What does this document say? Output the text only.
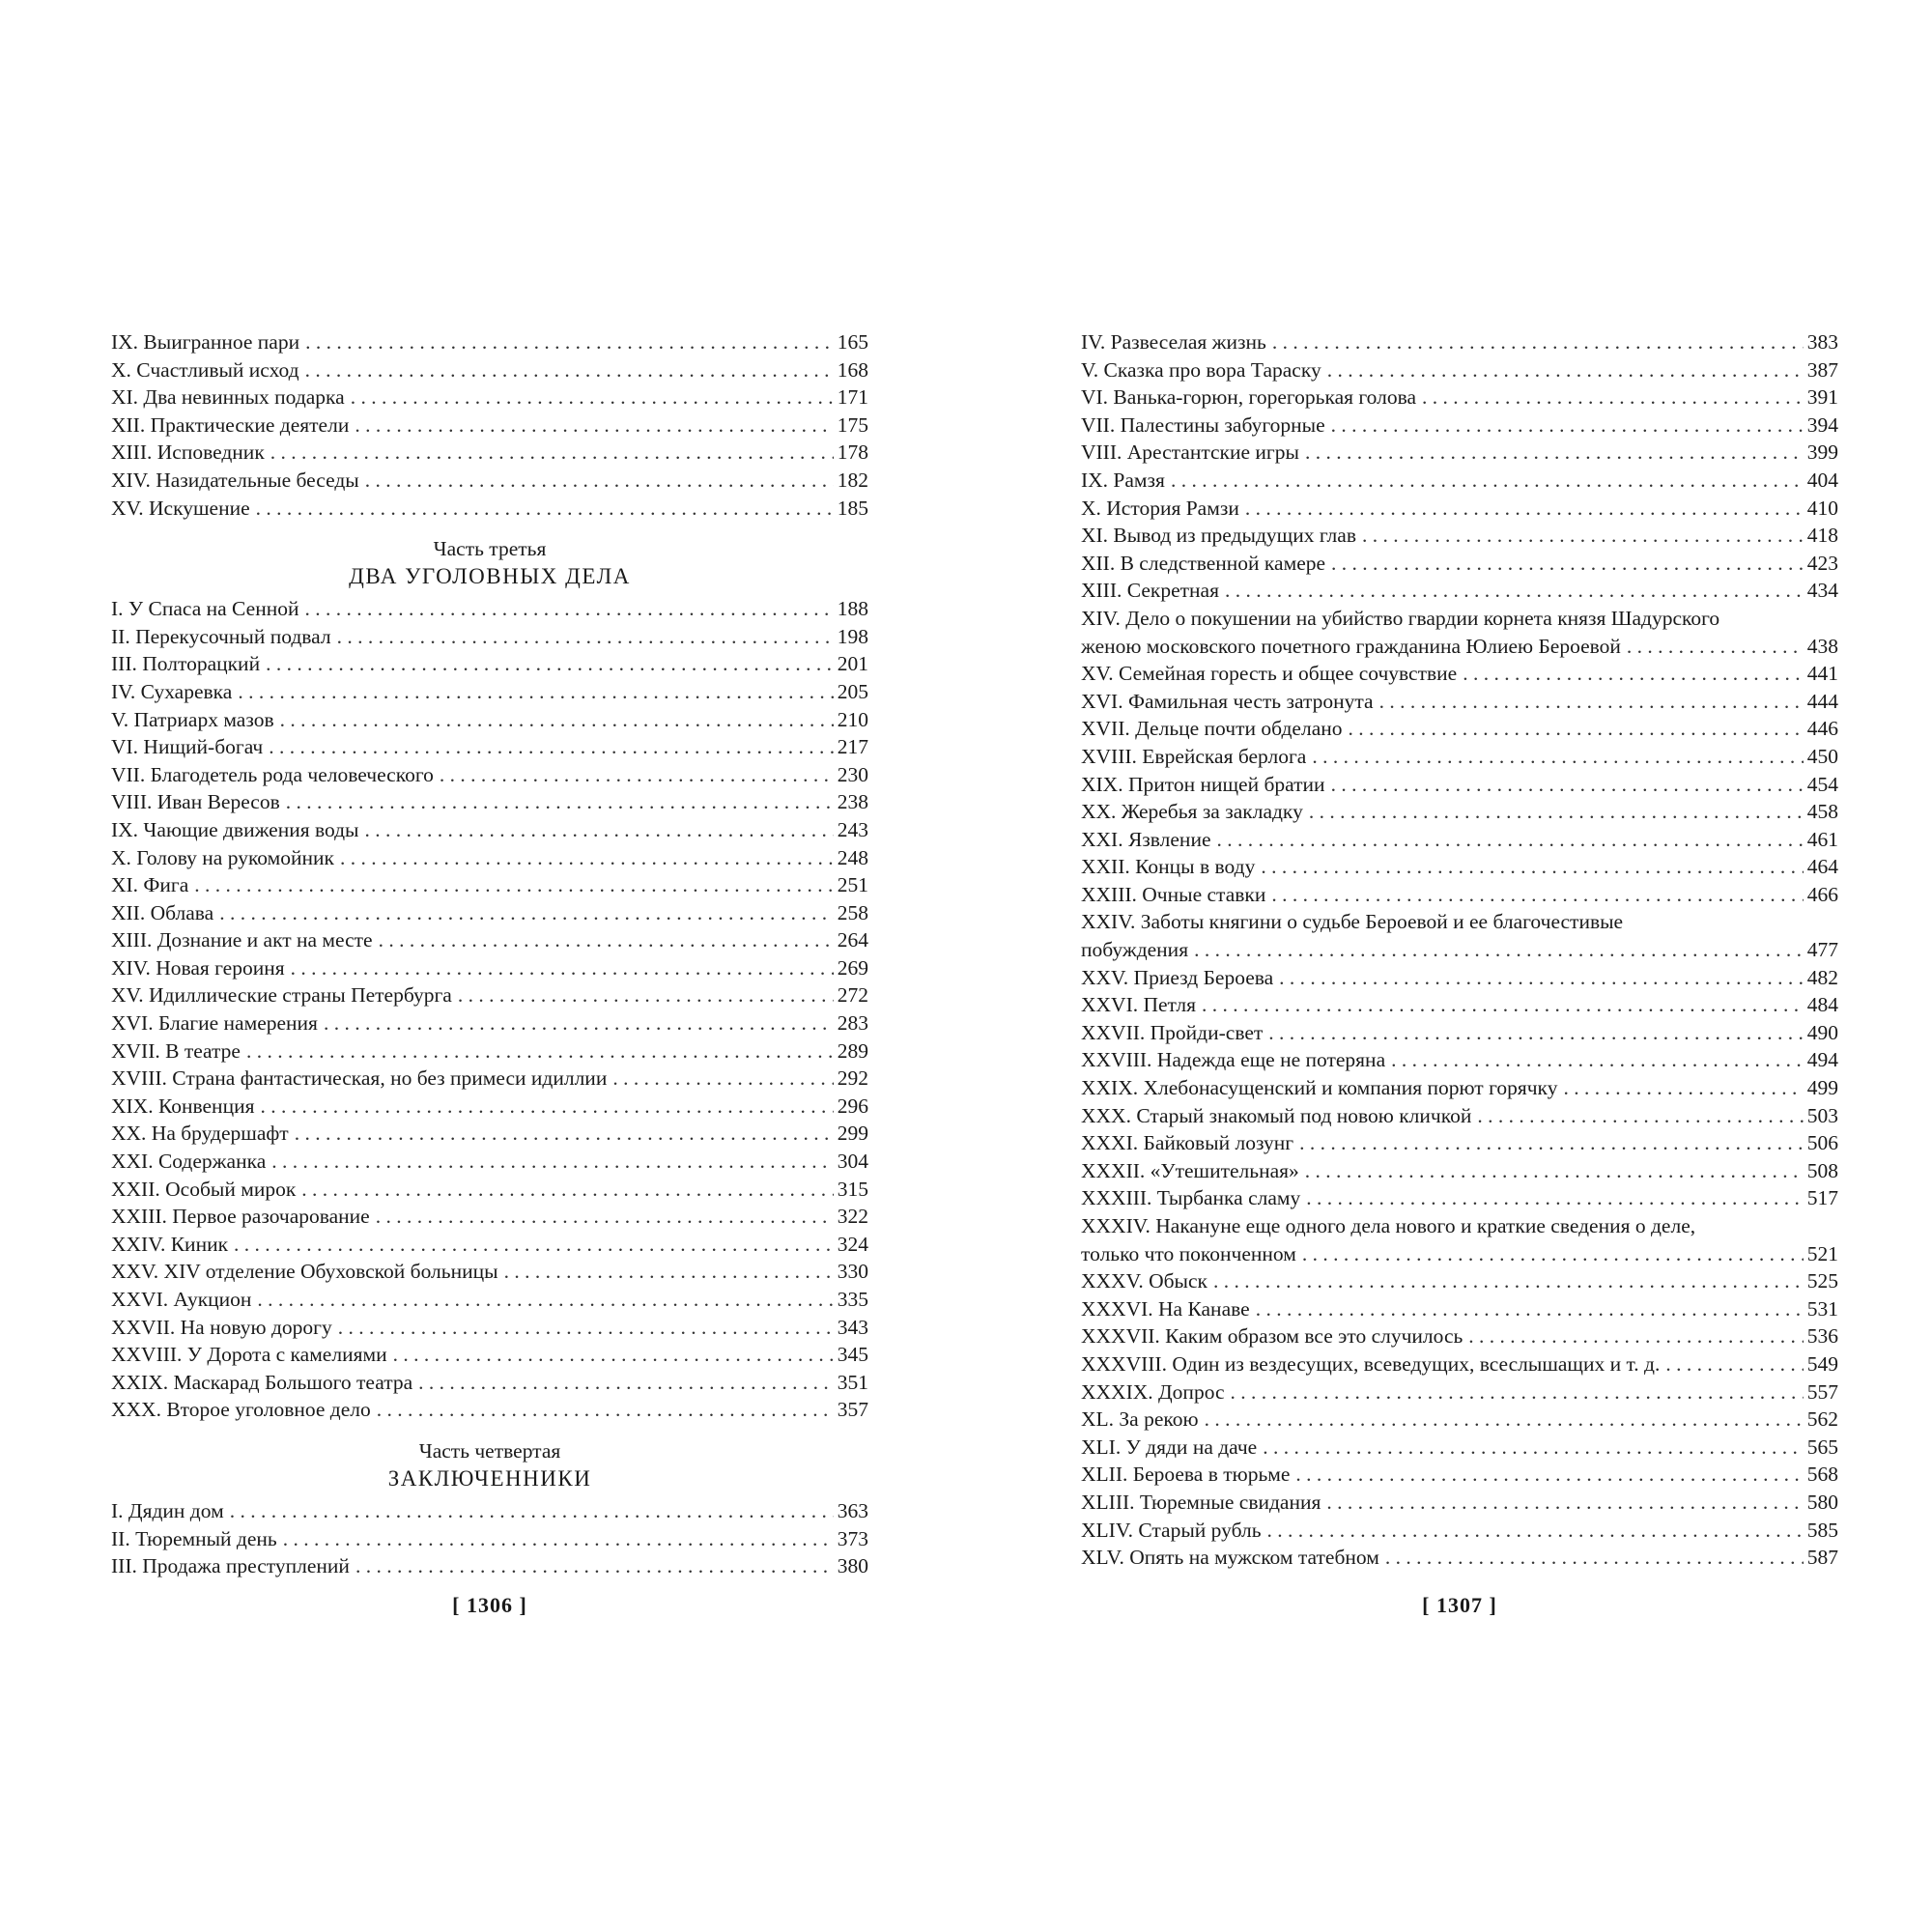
IX. Выигранное пари . . .	165
X. Счастливый исход . . .	168
XI. Два невинных подарка . . .	171
XII. Практические деятели . . .	175
XIII. Исповедник . . .	178
XIV. Назидательные беседы . . .	182
XV. Искушение . . .	185
Часть третья
ДВА УГОЛОВНЫХ ДЕЛА
I. У Спаса на Сенной . . .	188
II. Перекусочный подвал . . .	198
III. Полторацкий . . .	201
IV. Сухаревка . . .	205
V. Патриарх мазов . . .	210
VI. Нищий-богач . . .	217
VII. Благодетель рода человеческого . . .	230
VIII. Иван Вересов . . .	238
IX. Чающие движения воды . . .	243
X. Голову на рукомойник . . .	248
XI. Фига . . .	251
XII. Облава . . .	258
XIII. Дознание и акт на месте . . .	264
XIV. Новая героиня . . .	269
XV. Идиллические страны Петербурга . . .	272
XVI. Благие намерения . . .	283
XVII. В театре . . .	289
XVIII. Страна фантастическая, но без примеси идиллии . . .	292
XIX. Конвенция . . .	296
XX. На брудершафт . . .	299
XXI. Содержанка . . .	304
XXII. Особый мирок . . .	315
XXIII. Первое разочарование . . .	322
XXIV. Киник . . .	324
XXV. XIV отделение Обуховской больницы . . .	330
XXVI. Аукцион . . .	335
XXVII. На новую дорогу . . .	343
XXVIII. У Дорота с камелиями . . .	345
XXIX. Маскарад Большого театра . . .	351
XXX. Второе уголовное дело . . .	357
Часть четвертая
ЗАКЛЮЧЕННИКИ
I. Дядин дом . . .	363
II. Тюремный день . . .	373
III. Продажа преступлений . . .	380
[ 1306 ]
IV. Развеселая жизнь . . .	383
V. Сказка про вора Тараску . . .	387
VI. Ванька-горюн, горегорькая голова . . .	391
VII. Палестины забугорные . . .	394
VIII. Арестантские игры . . .	399
IX. Рамзя . . .	404
X. История Рамзи . . .	410
XI. Вывод из предыдущих глав . . .	418
XII. В следственной камере . . .	423
XIII. Секретная . . .	434
XIV. Дело о покушении на убийство гвардии корнета князя Шадурского
женою московского почетного гражданина Юлиею Бероевой . . .	438
XV. Семейная горесть и общее сочувствие . . .	441
XVI. Фамильная честь затронута . . .	444
XVII. Дельце почти обделано . . .	446
XVIII. Еврейская берлога . . .	450
XIX. Притон нищей братии . . .	454
XX. Жеребья за закладку . . .	458
XXI. Язвление . . .	461
XXII. Концы в воду . . .	464
XXIII. Очные ставки . . .	466
XXIV. Заботы княгини о судьбе Бероевой и ее благочестивые
побуждения . . .	477
XXV. Приезд Бероева . . .	482
XXVI. Петля . . .	484
XXVII. Пройди-свет . . .	490
XXVIII. Надежда еще не потеряна . . .	494
XXIX. Хлебонасущенский и компания порют горячку . . .	499
XXX. Старый знакомый под новою кличкой . . .	503
XXXI. Байковый лозунг . . .	506
XXXII. «Утешительная» . . .	508
XXXIII. Тырбанка сламу . . .	517
XXXIV. Накануне еще одного дела нового и краткие сведения о деле,
только что поконченном . . .	521
XXXV. Обыск . . .	525
XXXVI. На Канаве . . .	531
XXXVII. Каким образом все это случилось . . .	536
XXXVIII. Один из вездесущих, всеведущих, всеслышащих и т. д. . . .	549
XXXIX. Допрос . . .	557
XL. За рекою . . .	562
XLI. У дяди на даче . . .	565
XLII. Бероева в тюрьме . . .	568
XLIII. Тюремные свидания . . .	580
XLIV. Старый рубль . . .	585
XLV. Опять на мужском татебном . . .	587
[ 1307 ]
